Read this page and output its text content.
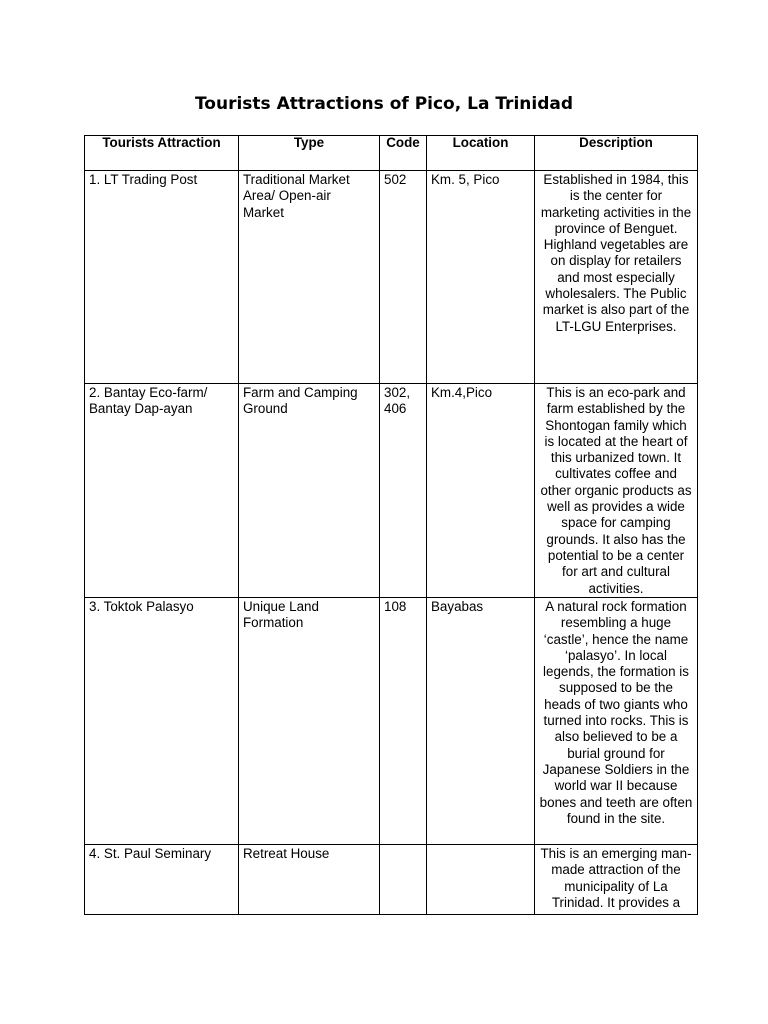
Tourists Attractions of Pico, La Trinidad
Tourists Attraction	Type	Code	Location	Description

1. LT Trading Post	Traditional Market Area/ Open-air Market	502	Km. 5, Pico	Established in 1984, this is the center for marketing activities in the province of Benguet. Highland vegetables are on display for retailers and most especially wholesalers. The Public market is also part of the LT-LGU Enterprises.
2. Bantay Eco-farm/ Bantay Dap-ayan	Farm and Camping Ground	302, 406	Km.4,Pico	This is an eco-park and farm established by the Shontogan family which is located at the heart of this urbanized town. It cultivates coffee and other organic products as well as provides a wide space for camping grounds. It also has the potential to be a center for art and cultural activities.
3. Toktok Palasyo	Unique Land Formation	108	Bayabas	A natural rock formation resembling a huge ‘castle’, hence the name ‘palasyo’. In local legends, the formation is supposed to be the heads of two giants who turned into rocks. This is also believed to be a burial ground for Japanese Soldiers in the world war II because bones and teeth are often found in the site.
4. St. Paul Seminary	Retreat House			This is an emerging man-made attraction of the municipality of La Trinidad. It provides a
